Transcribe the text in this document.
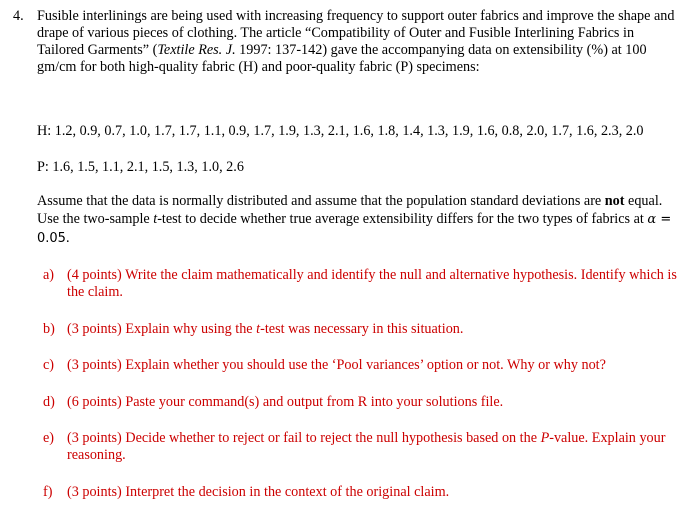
4. Fusible interlinings are being used with increasing frequency to support outer fabrics and improve the shape and drape of various pieces of clothing. The article “Compatibility of Outer and Fusible Interlining Fabrics in Tailored Garments” (Textile Res. J. 1997: 137-142) gave the accompanying data on extensibility (%) at 100 gm/cm for both high-quality fabric (H) and poor-quality fabric (P) specimens:
H: 1.2, 0.9, 0.7, 1.0, 1.7, 1.7, 1.1, 0.9, 1.7, 1.9, 1.3, 2.1, 1.6, 1.8, 1.4, 1.3, 1.9, 1.6, 0.8, 2.0, 1.7, 1.6, 2.3, 2.0
P: 1.6, 1.5, 1.1, 2.1, 1.5, 1.3, 1.0, 2.6
Assume that the data is normally distributed and assume that the population standard deviations are not equal. Use the two-sample t-test to decide whether true average extensibility differs for the two types of fabrics at α = 0.05.
a) (4 points) Write the claim mathematically and identify the null and alternative hypothesis. Identify which is the claim.
b) (3 points) Explain why using the t-test was necessary in this situation.
c) (3 points) Explain whether you should use the ‘Pool variances’ option or not. Why or why not?
d) (6 points) Paste your command(s) and output from R into your solutions file.
e) (3 points) Decide whether to reject or fail to reject the null hypothesis based on the P-value. Explain your reasoning.
f) (3 points) Interpret the decision in the context of the original claim.
